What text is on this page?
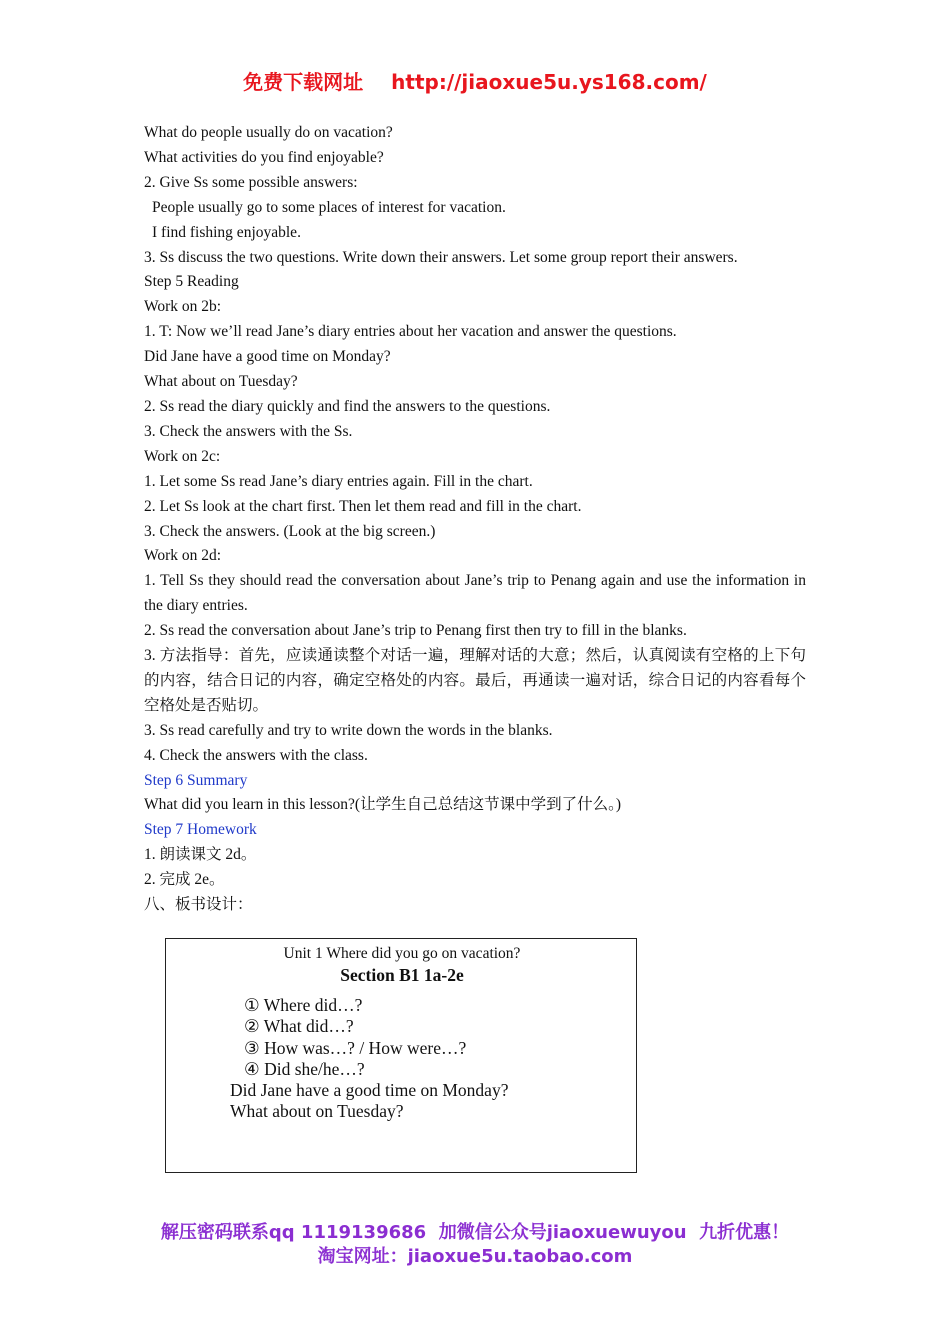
免费下载网址 http://jiaoxue5u.ys168.com/

What do people usually do on vacation?

What activities do you find enjoyable?

2. Give Ss some possible answers:

People usually go to some places of interest for vacation.

I find fishing enjoyable.

3. Ss discuss the two questions. Write down their answers. Let some group report their answers.

Step 5 Reading

Work on 2b:

1. T: Now we’ll read Jane’s diary entries about her vacation and answer the questions.

Did Jane have a good time on Monday?

What about on Tuesday?

2. Ss read the diary quickly and find the answers to the questions.

3. Check the answers with the Ss.

Work on 2c:

1. Let some Ss read Jane’s diary entries again. Fill in the chart.

2. Let Ss look at the chart first. Then let them read and fill in the chart.

3. Check the answers. (Look at the big screen.)

Work on 2d:

1. Tell Ss they should read the conversation about Jane’s trip to Penang again and use the information in the diary entries.

2. Ss read the conversation about Jane’s trip to Penang first then try to fill in the blanks.

3. 方法指导：首先，应读通读整个对话一遍，理解对话的大意；然后，认真阅读有空格的上下句的内容，结合日记的内容，确定空格处的内容。最后，再通读一遍对话，综合日记的内容看每个空格处是否贴切。

3. Ss read carefully and try to write down the words in the blanks.

4. Check the answers with the class.

Step 6 Summary

What did you learn in this lesson?(让学生自己总结这节课中学到了什么。)

Step 7 Homework

1. 朗读课文 2d。

2. 完成 2e。

八、板书设计：

Unit 1 Where did you go on vacation?
Section B1 1a-2e

① Where did…?

② What did…?

③ How was…? / How were…?

④ Did she/he…?

Did Jane have a good time on Monday?

What about on Tuesday?

解压密码联系qq 1119139686 加微信公众号jiaoxuewuyou 九折优惠！
淘宝网址：jiaoxue5u.taobao.com
